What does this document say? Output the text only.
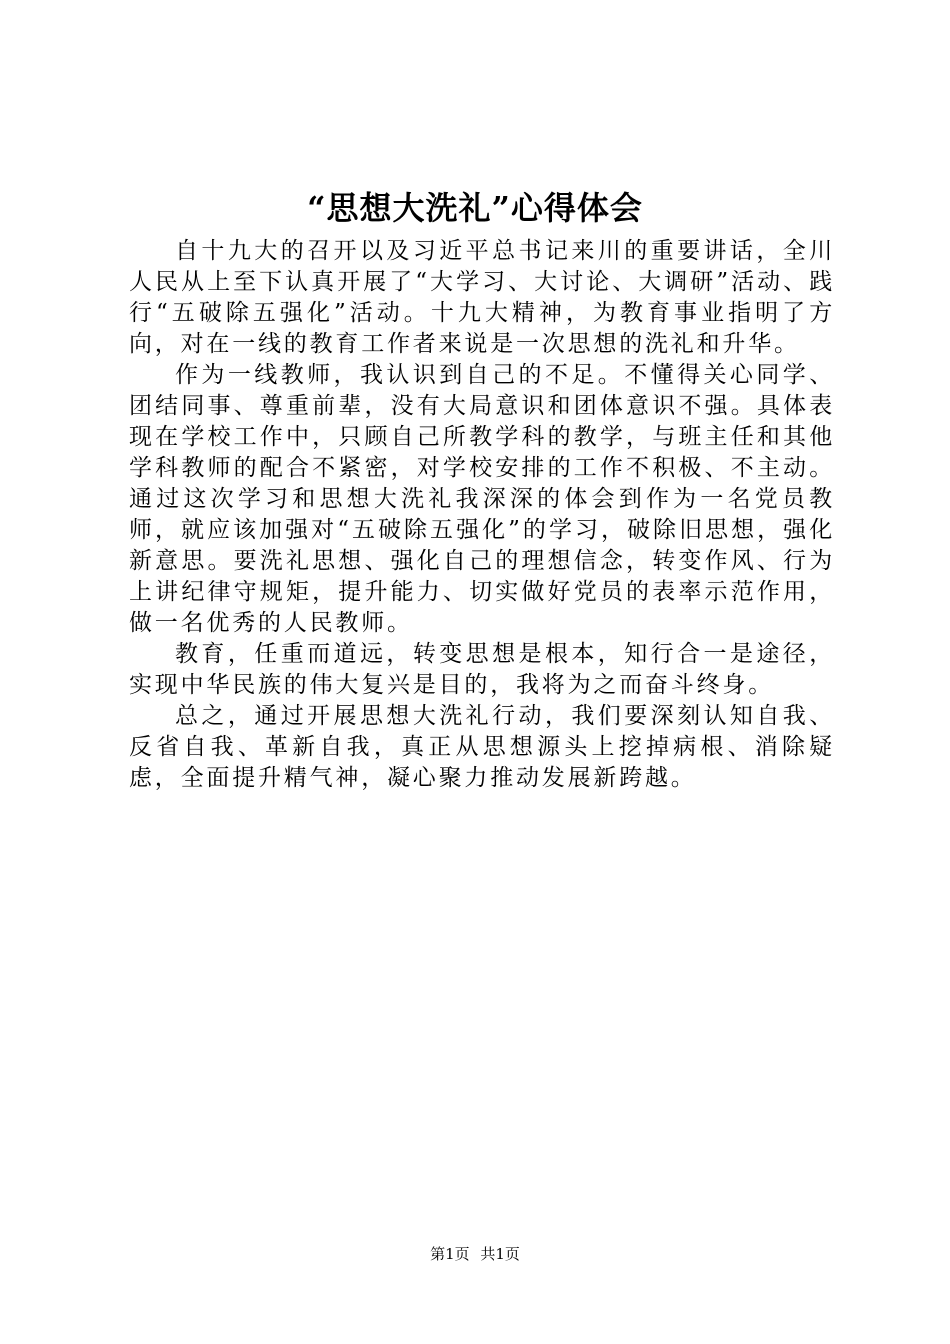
“思想大洗礼”心得体会

自十九大的召开以及习近平总书记来川的重要讲话，全川人民从上至下认真开展了“大学习、大讨论、大调研”活动、践行“五破除五强化”活动。十九大精神，为教育事业指明了方向，对在一线的教育工作者来说是一次思想的洗礼和升华。

作为一线教师，我认识到自己的不足。不懂得关心同学、团结同事、尊重前辈，没有大局意识和团体意识不强。具体表现在学校工作中，只顾自己所教学科的教学，与班主任和其他学科教师的配合不紧密，对学校安排的工作不积极、不主动。通过这次学习和思想大洗礼我深深的体会到作为一名党员教师，就应该加强对“五破除五强化”的学习，破除旧思想，强化新意思。要洗礼思想、强化自己的理想信念，转变作风、行为上讲纪律守规矩，提升能力、切实做好党员的表率示范作用，做一名优秀的人民教师。

教育，任重而道远，转变思想是根本，知行合一是途径，实现中华民族的伟大复兴是目的，我将为之而奋斗终身。

总之，通过开展思想大洗礼行动，我们要深刻认知自我、反省自我、革新自我，真正从思想源头上挖掉病根、消除疑虑，全面提升精气神，凝心聚力推动发展新跨越。

第1页 共1页
